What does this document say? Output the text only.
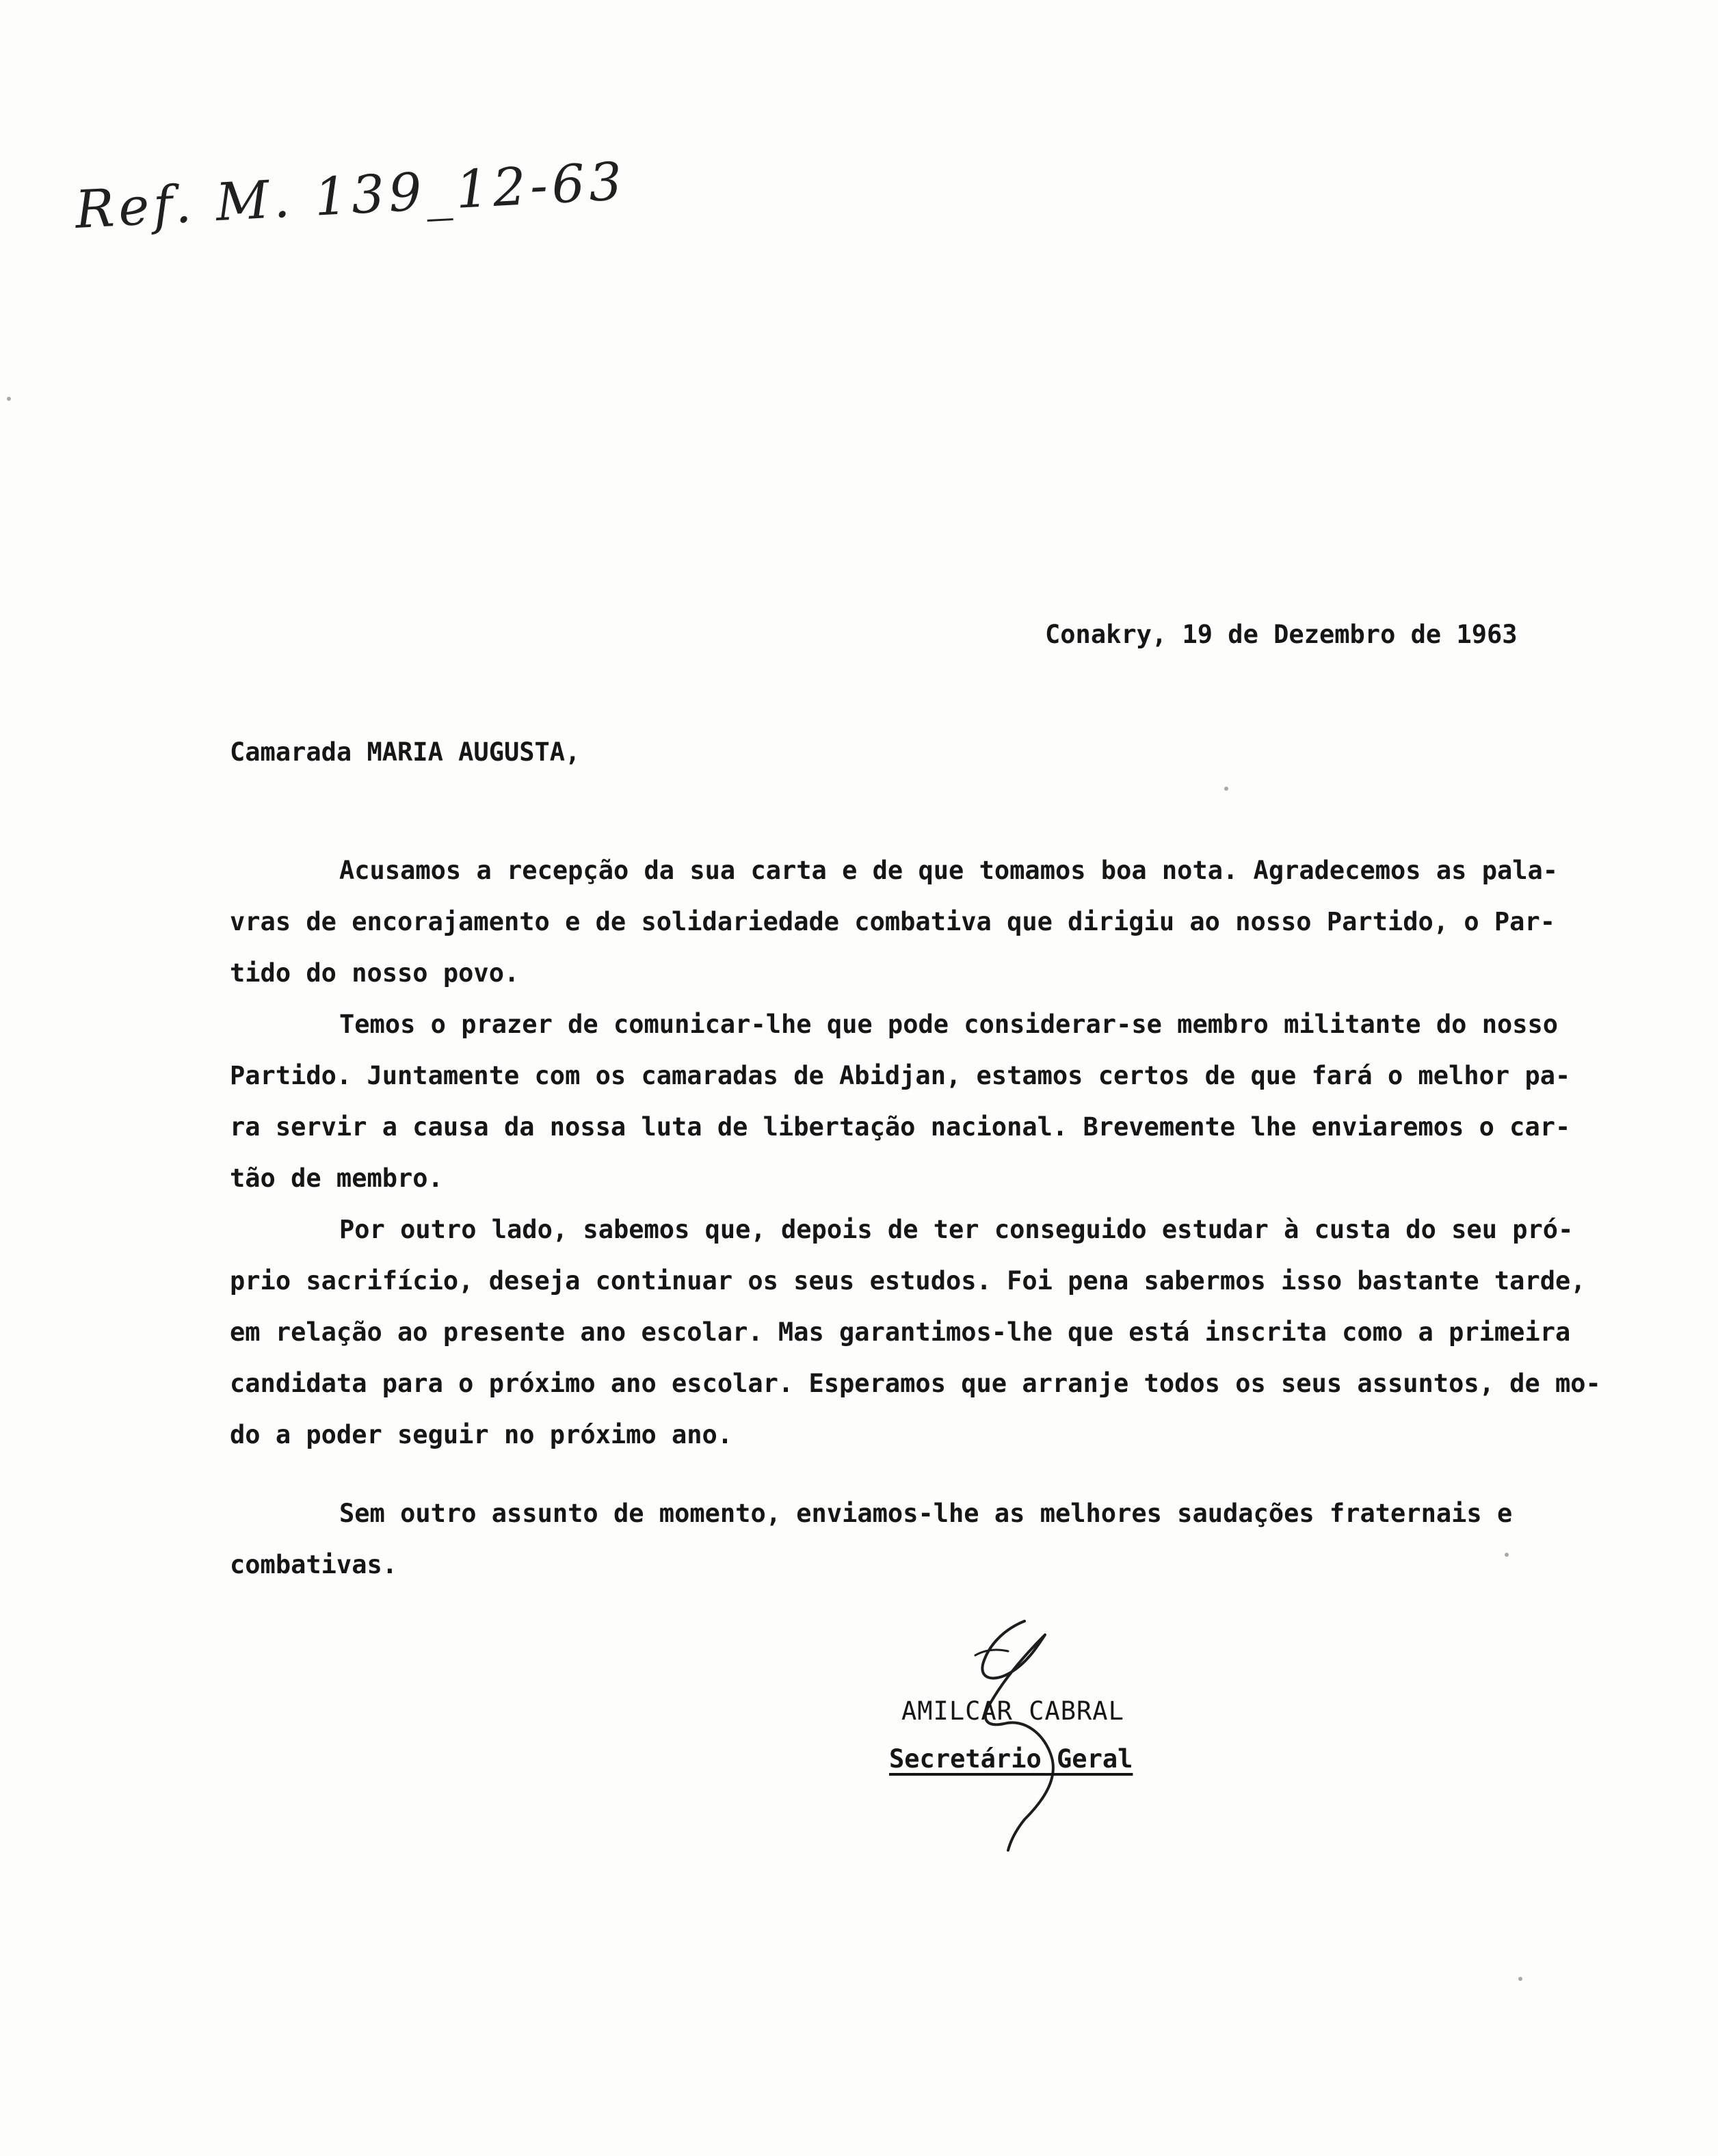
Ref. M. 139_12-63
Conakry, 19 de Dezembro de 1963
Camarada MARIA AUGUSTA,
Acusamos a recepção da sua carta e de que tomamos boa nota. Agradecemos as pala-
vras de encorajamento e de solidariedade combativa que dirigiu ao nosso Partido, o Par-
tido do nosso povo.
Temos o prazer de comunicar-lhe que pode considerar-se membro militante do nosso
Partido. Juntamente com os camaradas de Abidjan, estamos certos de que fará o melhor pa-
ra servir a causa da nossa luta de libertação nacional. Brevemente lhe enviaremos o car-
tão de membro.
Por outro lado, sabemos que, depois de ter conseguido estudar à custa do seu pró-
prio sacrifício, deseja continuar os seus estudos. Foi pena sabermos isso bastante tarde,
em relação ao presente ano escolar. Mas garantimos-lhe que está inscrita como a primeira
candidata para o próximo ano escolar. Esperamos que arranje todos os seus assuntos, de mo-
do a poder seguir no próximo ano.
Sem outro assunto de momento, enviamos-lhe as melhores saudações fraternais e
combativas.
AMILCAR CABRAL
Secretário Geral
